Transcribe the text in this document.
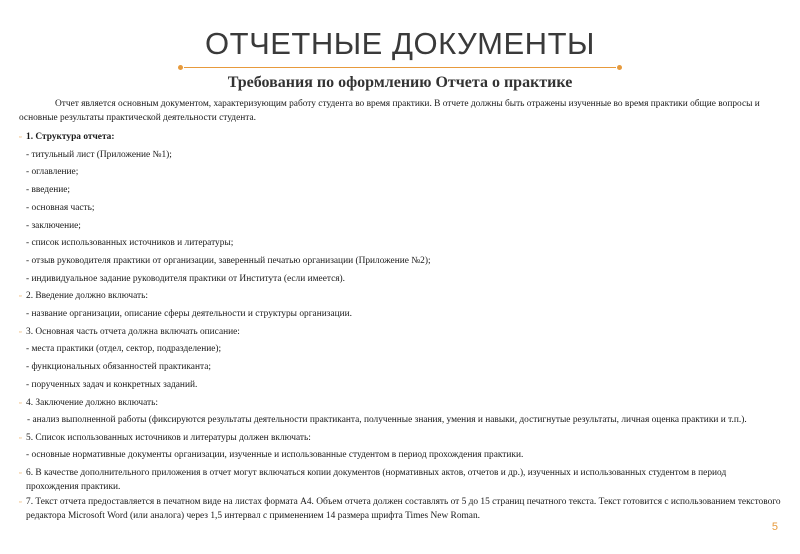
ОТЧЕТНЫЕ ДОКУМЕНТЫ
Требования по оформлению Отчета о практике

Отчет является основным документом, характеризующим работу студента во время практики. В отчете должны быть отражены изученные во время практики общие вопросы и основные результаты практической деятельности студента.

▫ 1. Структура отчета:

- титульный лист (Приложение №1);

- оглавление;

- введение;

- основная часть;

- заключение;

- список использованных источников и литературы;

- отзыв руководителя практики от организации, заверенный печатью организации (Приложение №2);

- индивидуальное задание руководителя практики от Института (если имеется).

▫ 2. Введение должно включать:

- название организации, описание сферы деятельности и структуры организации.

▫ 3. Основная часть отчета должна включать описание:

- места практики (отдел, сектор, подразделение);

- функциональных обязанностей практиканта;

- порученных задач и конкретных заданий.

▫ 4. Заключение должно включать:

- анализ выполненной работы (фиксируются результаты деятельности практиканта, полученные знания, умения и навыки, достигнутые результаты, личная оценка практики и т.п.).

▫ 5. Список использованных источников и литературы должен включать:

- основные нормативные документы организации, изученные и использованные студентом в период прохождения практики.

▫ 6. В качестве дополнительного приложения в отчет могут включаться копии документов (нормативных актов, отчетов и др.), изученных и использованных студентом в период прохождения практики.

▫ 7. Текст отчета предоставляется в печатном виде на листах формата А4. Объем отчета должен составлять от 5 до 15 страниц печатного текста. Текст готовится с использованием текстового редактора Microsoft Word (или аналога) через 1,5 интервал с применением 14 размера шрифта Times New Roman.

5
